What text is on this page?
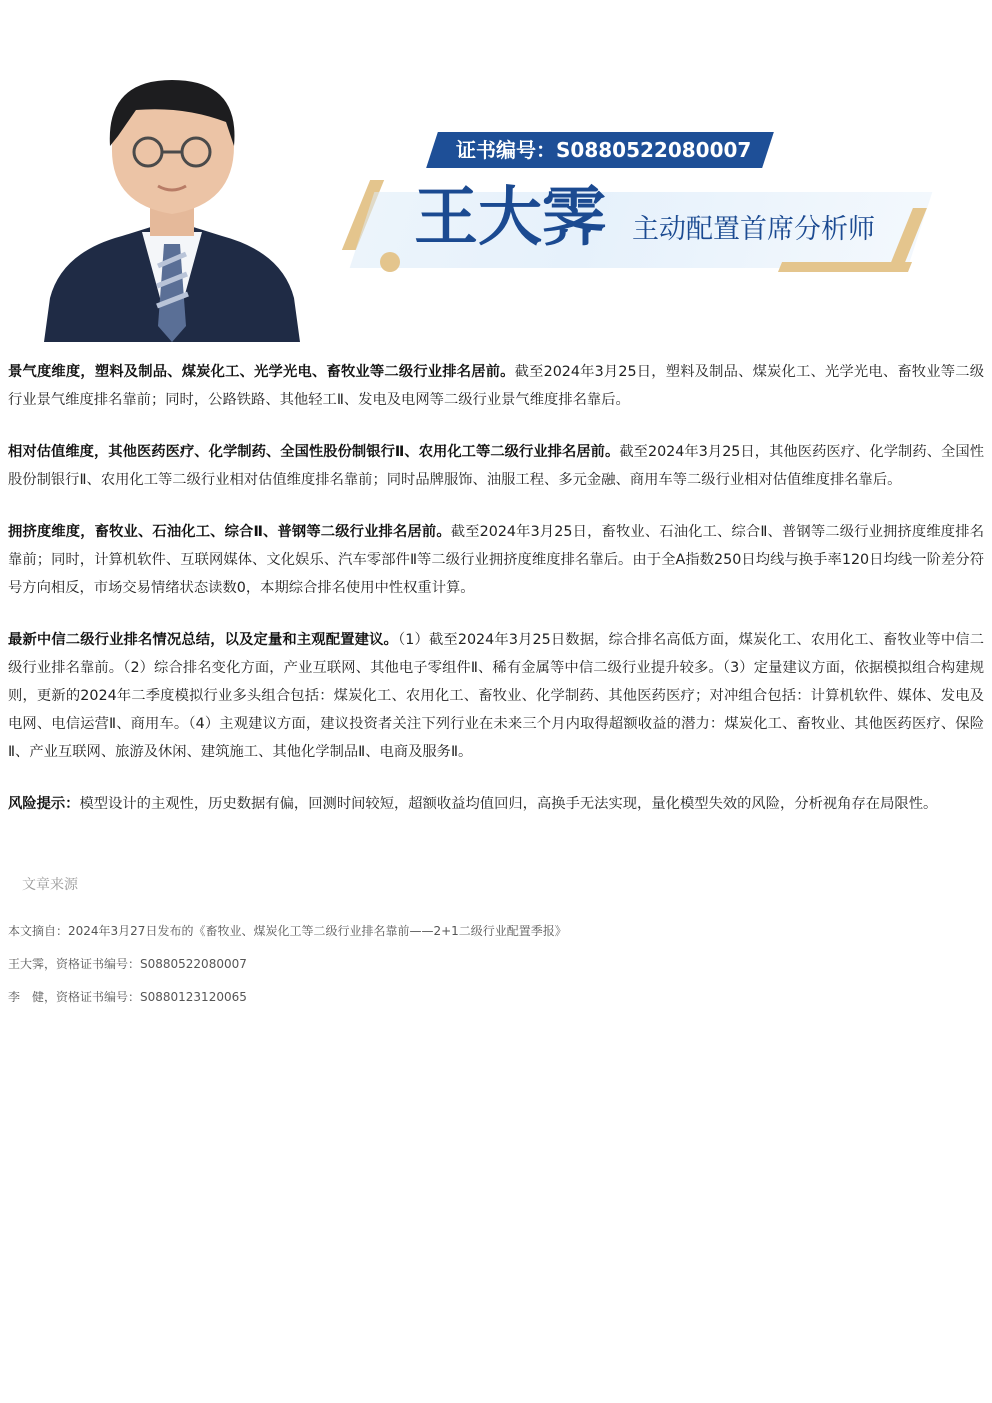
证书编号：S0880522080007
王大霁 主动配置首席分析师

景气度维度，塑料及制品、煤炭化工、光学光电、畜牧业等二级行业排名居前。截至2024年3月25日，塑料及制品、煤炭化工、光学光电、畜牧业等二级行业景气维度排名靠前；同时，公路铁路、其他轻工Ⅱ、发电及电网等二级行业景气维度排名靠后。

相对估值维度，其他医药医疗、化学制药、全国性股份制银行Ⅱ、农用化工等二级行业排名居前。截至2024年3月25日，其他医药医疗、化学制药、全国性股份制银行Ⅱ、农用化工等二级行业相对估值维度排名靠前；同时品牌服饰、油服工程、多元金融、商用车等二级行业相对估值维度排名靠后。

拥挤度维度，畜牧业、石油化工、综合Ⅱ、普钢等二级行业排名居前。截至2024年3月25日，畜牧业、石油化工、综合Ⅱ、普钢等二级行业拥挤度维度排名靠前；同时，计算机软件、互联网媒体、文化娱乐、汽车零部件Ⅱ等二级行业拥挤度维度排名靠后。由于全A指数250日均线与换手率120日均线一阶差分符号方向相反，市场交易情绪状态读数0，本期综合排名使用中性权重计算。

最新中信二级行业排名情况总结，以及定量和主观配置建议。（1）截至2024年3月25日数据，综合排名高低方面，煤炭化工、农用化工、畜牧业等中信二级行业排名靠前。（2）综合排名变化方面，产业互联网、其他电子零组件Ⅱ、稀有金属等中信二级行业提升较多。（3）定量建议方面，依据模拟组合构建规则，更新的2024年二季度模拟行业多头组合包括：煤炭化工、农用化工、畜牧业、化学制药、其他医药医疗；对冲组合包括：计算机软件、媒体、发电及电网、电信运营Ⅱ、商用车。（4）主观建议方面，建议投资者关注下列行业在未来三个月内取得超额收益的潜力：煤炭化工、畜牧业、其他医药医疗、保险Ⅱ、产业互联网、旅游及休闲、建筑施工、其他化学制品Ⅱ、电商及服务Ⅱ。

风险提示：模型设计的主观性，历史数据有偏，回测时间较短，超额收益均值回归，高换手无法实现，量化模型失效的风险，分析视角存在局限性。

文章来源
本文摘自：2024年3月27日发布的《畜牧业、煤炭化工等二级行业排名靠前——2+1二级行业配置季报》
王大霁，资格证书编号：S0880522080007
李　健，资格证书编号：S0880123120065
